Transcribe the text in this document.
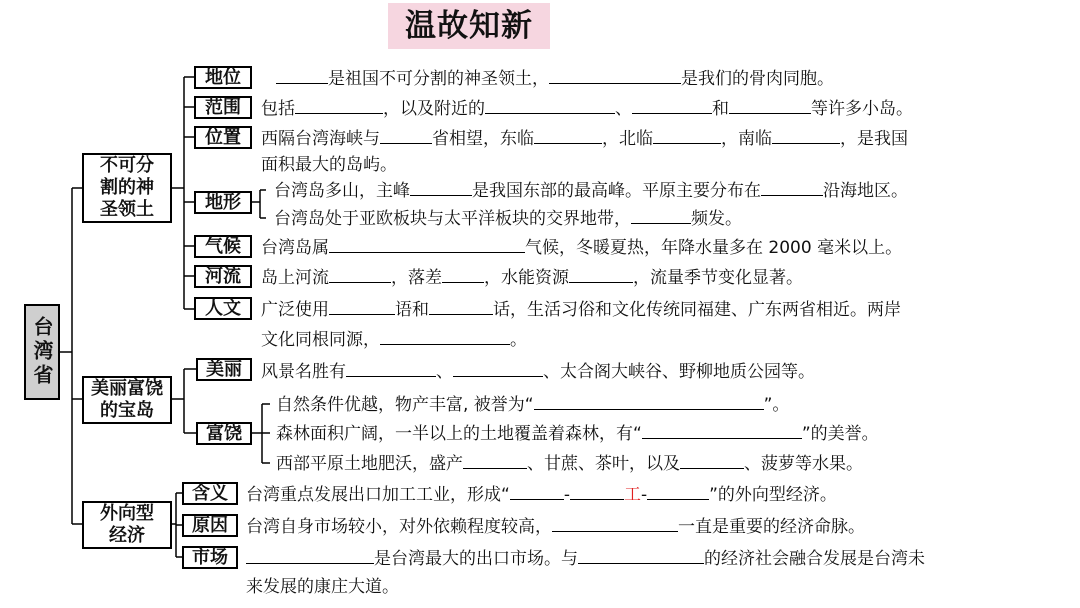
温故知新
台湾省
不可分割的神圣领土
美丽富饶的宝岛
外向型经济
地位
范围
位置
地形
气候
河流
人文
美丽
富饶
含义
原因
市场
是祖国不可分割的神圣领土，	是我们的骨肉同胞。
包括	，以及附近的	、	和	等许多小岛。
西隔台湾海峡与	省相望，东临	，北临	，南临	，是我国
面积最大的岛屿。
台湾岛多山，主峰	是我国东部的最高峰。平原主要分布在	沿海地区。
台湾岛处于亚欧板块与太平洋板块的交界地带，	频发。
台湾岛属	气候，冬暖夏热，年降水量多在 2000 毫米以上。
岛上河流	，落差 ，水能资源	，流量季节变化显著。
广泛使用	语和	话，生活习俗和文化传统同福建、广东两省相近。两岸
文化同根同源，	。
风景名胜有	、	、太合阁大峡谷、野柳地质公园等。
自然条件优越，物产丰富, 被誉为“	”。
森林面积广阔，一半以上的土地覆盖着森林，有“	”的美誉。
西部平原土地肥沃，盛产	、甘蔗、茶叶，以及	、菠萝等水果。
台湾重点发展出口加工工业，形成“	-	工-	”的外向型经济。
台湾自身市场较小，对外依赖程度较高，	一直是重要的经济命脉。
是台湾最大的出口市场。与	的经济社会融合发展是台湾未
来发展的康庄大道。
